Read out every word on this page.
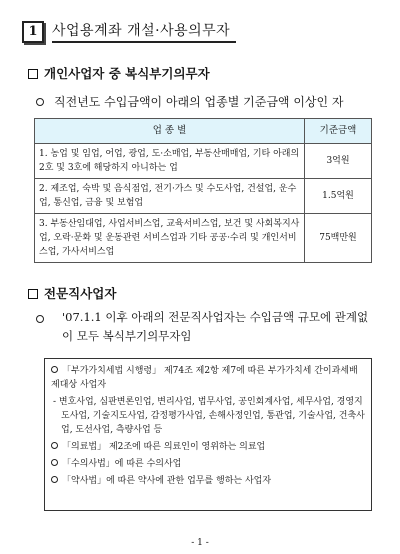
1	사업용계좌 개설·사용의무자
개인사업자 중 복식부기의무자
직전년도 수입금액이 아래의 업종별 기준금액 이상인 자
업 종 별	기준금액
1. 농업 및 임업, 어업, 광업, 도·소매업, 부동산매매업, 기타 아래의 2호 및 3호에 해당하지 아니하는 업	3억원
2. 제조업, 숙박 및 음식점업, 전기·가스 및 수도사업, 건설업, 운수업, 통신업, 금융 및 보험업	1.5억원
3. 부동산임대업, 사업서비스업, 교육서비스업, 보건 및 사회복지사업, 오락·문화 및 운동관련 서비스업과 기타 공공·수리 및 개인서비스업, 가사서비스업	75백만원
전문직사업자
'07.1.1 이후 아래의 전문직사업자는 수입금액 규모에 관계없이 모두 복식부기의무자임
「부가가치세법 시행령」 제74조 제2항 제7에 따른 부가가치세 간이과세배제대상 사업자
- 변호사업, 심판변론인업, 변리사업, 법무사업, 공인회계사업, 세무사업, 경영지도사업, 기술지도사업, 감정평가사업, 손해사정인업, 통관업, 기술사업, 건축사업, 도선사업, 측량사업 등
「의료법」 제2조에 따른 의료인이 영위하는 의료업
「수의사법」에 따른 수의사업
「약사법」에 따른 약사에 관한 업무를 행하는 사업자
- 1 -
